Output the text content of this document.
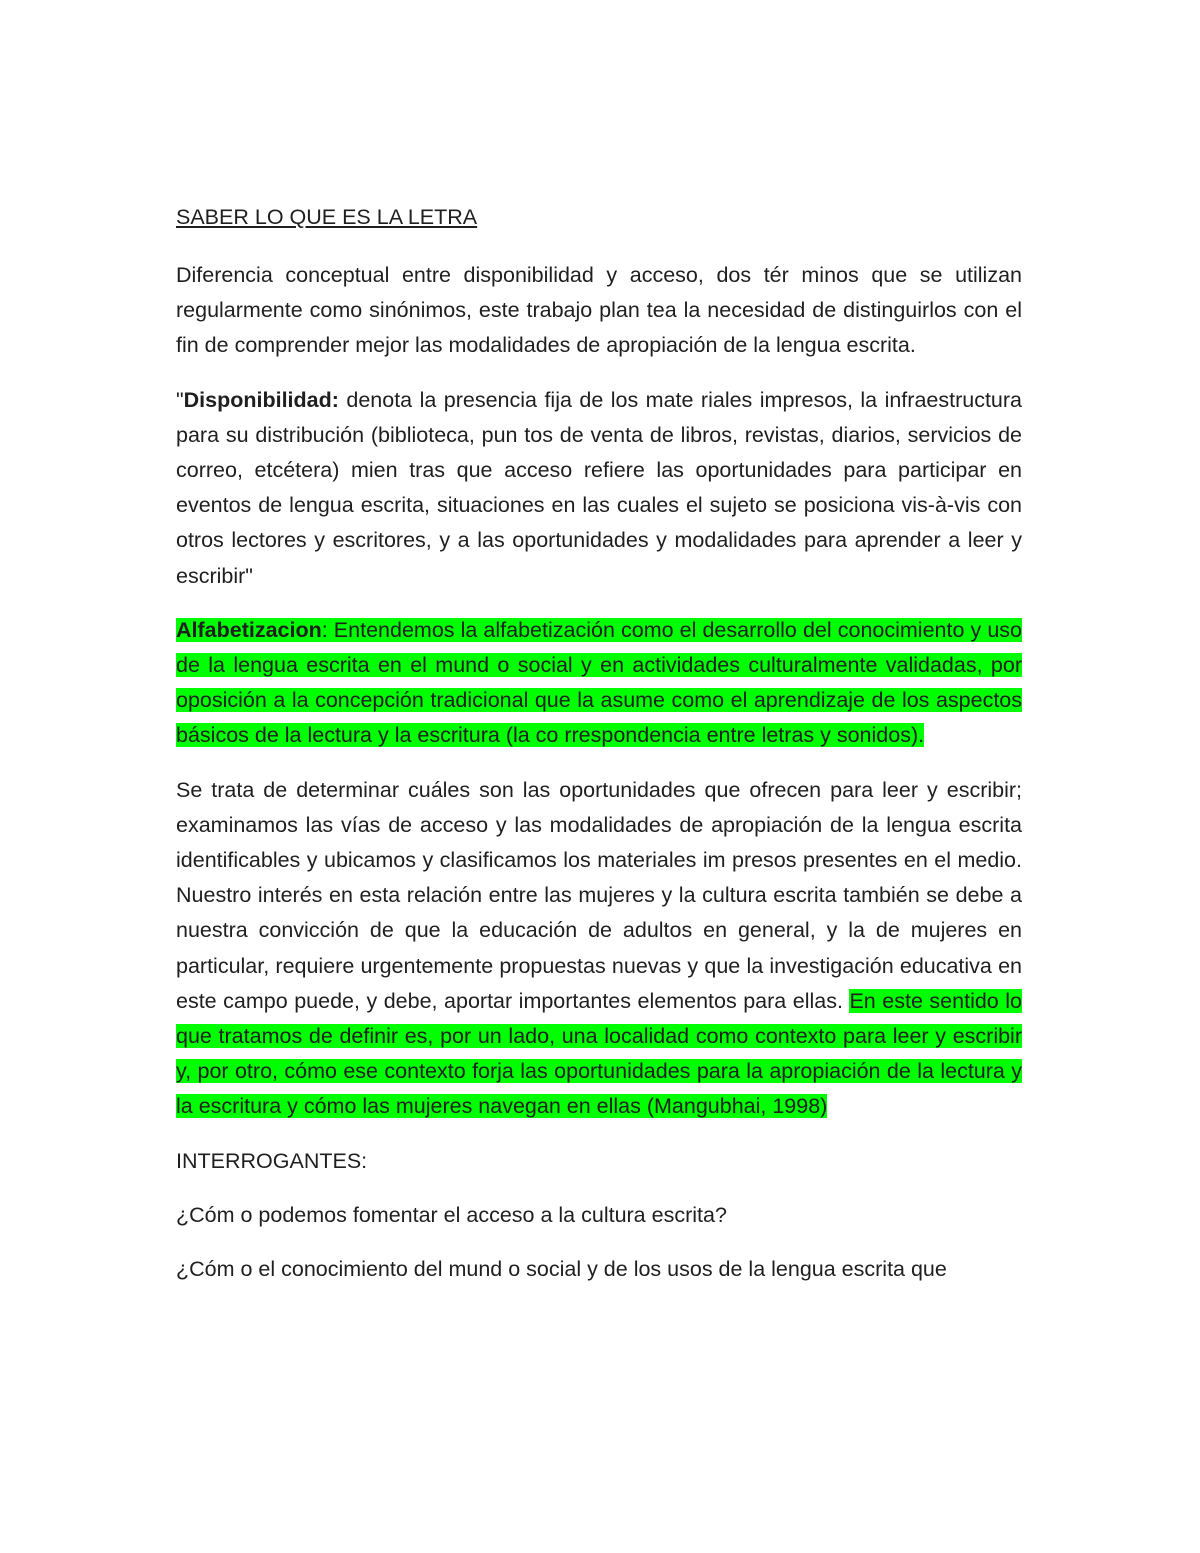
SABER LO QUE ES LA LETRA

Diferencia conceptual entre disponibilidad y acceso, dos tér minos que se utilizan regularmente como sinónimos, este trabajo plan tea la necesidad de distinguirlos con el fin de comprender mejor las modalidades de apropiación de la lengua escrita.

"Disponibilidad: denota la presencia fija de los mate riales impresos, la infraestructura para su distribución (biblioteca, pun tos de venta de libros, revistas, diarios, servicios de correo, etcétera) mien tras que acceso refiere las oportunidades para participar en eventos de lengua escrita, situaciones en las cuales el sujeto se posiciona vis-à-vis con otros lectores y escritores, y a las oportunidades y modalidades para aprender a leer y escribir"

Alfabetizacion: Entendemos la alfabetización como el desarrollo del conocimiento y uso de la lengua escrita en el mund o social y en actividades culturalmente validadas, por oposición a la concepción tradicional que la asume como el aprendizaje de los aspectos básicos de la lectura y la escritura (la co rrespondencia entre letras y sonidos).

Se trata de determinar cuáles son las oportunidades que ofrecen para leer y escribir; examinamos las vías de acceso y las modalidades de apropiación de la lengua escrita identificables y ubicamos y clasificamos los materiales im presos presentes en el medio. Nuestro interés en esta relación entre las mujeres y la cultura escrita también se debe a nuestra convicción de que la educación de adultos en general, y la de mujeres en particular, requiere urgentemente propuestas nuevas y que la investigación educativa en este campo puede, y debe, aportar importantes elementos para ellas. En este sentido lo que tratamos de definir es, por un lado, una localidad como contexto para leer y escribir y, por otro, cómo ese contexto forja las oportunidades para la apropiación de la lectura y la escritura y cómo las mujeres navegan en ellas (Mangubhai, 1998)

INTERROGANTES:

¿Cóm o podemos fomentar el acceso a la cultura escrita?

¿Cóm o el conocimiento del mund o social y de los usos de la lengua escrita que
